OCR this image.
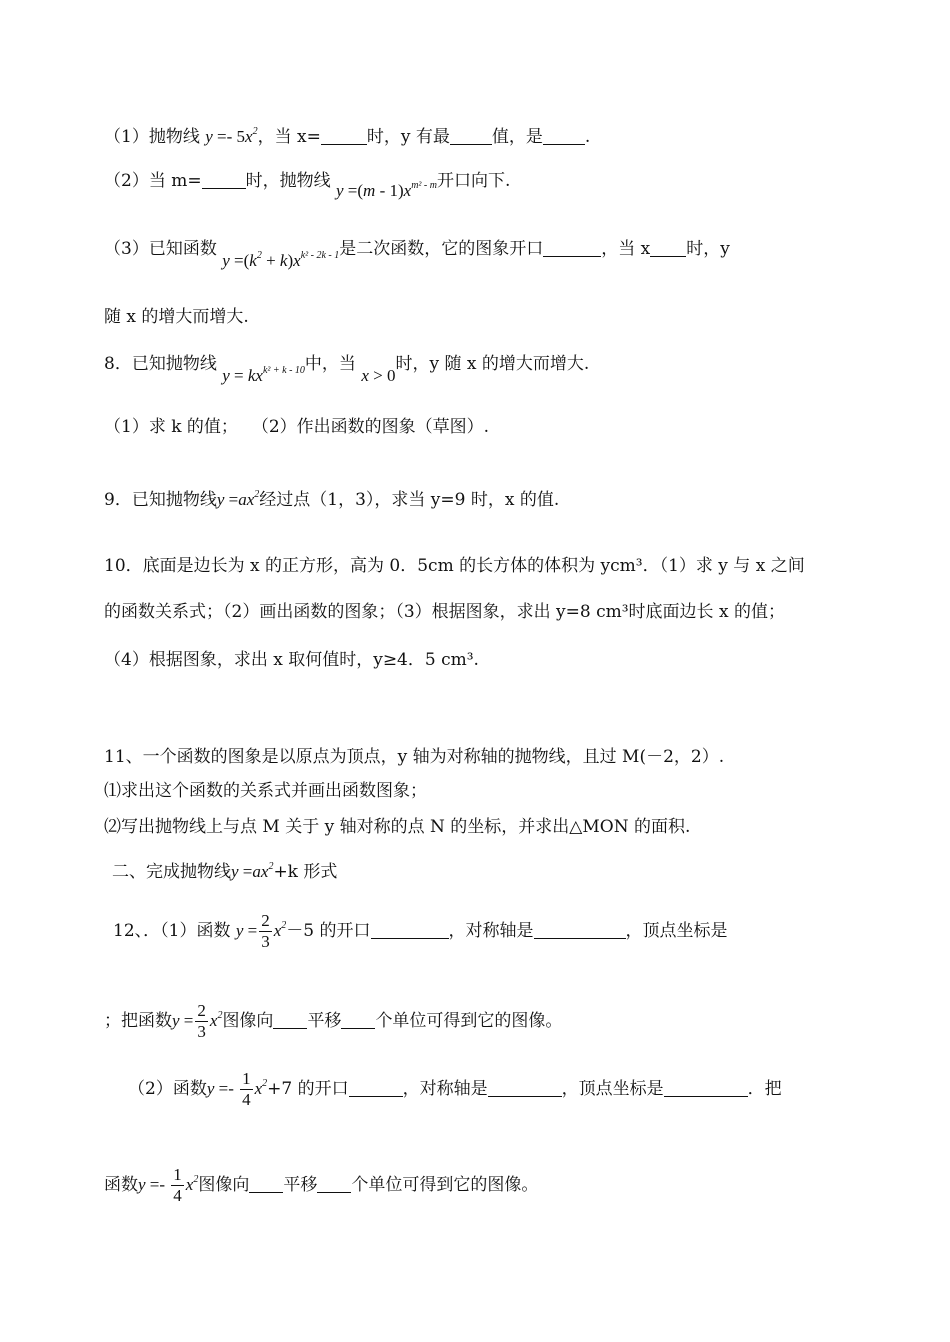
（1）抛物线 $y =- 5x^2$，当 x=	时，y 有最 值，是 .
（2）当 m=	时，抛物线 $y =(m - 1)x^{m^2 - m}$开口向下.
（3）已知函数 $y =(k^2 + k)x^{k^2 - 2k - 1}$是二次函数，它的图象开口	，当 x 时，y
随 x 的增大而增大.
8．已知抛物线 $y = kx^{k^2 + k - 10}$中，当 x > 0时，y 随 x 的增大而增大.
（1）求 k 的值；　 （2）作出函数的图象（草图）.
9．已知抛物线$y =ax^2$经过点（1，3），求当 y=9 时，x 的值.
10．底面是边长为 x 的正方形，高为 0．5cm 的长方体的体积为 ycm³．（1）求 y 与 x 之间
的函数关系式；（2）画出函数的图象；（3）根据图象，求出 y=8 cm³时底面边长 x 的值；
（4）根据图象，求出 x 取何值时，y≥4．5 cm³.
11、一个函数的图象是以原点为顶点，y 轴为对称轴的抛物线，且过 M(－2，2）.
⑴求出这个函数的关系式并画出函数图象；
⑵写出抛物线上与点 M 关于 y 轴对称的点 N 的坐标，并求出△MON 的面积.
二、完成抛物线$y =ax^2+k$ 形式
12、．（1）函数 $y = \frac{2}{3} x^2-5$ 的开口	，对称轴是	，顶点坐标是
；把函数$y = \frac{2}{3} x^2$图像向 平移 个单位可得到它的图像。
（2）函数$y =- \frac{1}{4} x^2+7$ 的开口	，对称轴是	，顶点坐标是	．把
函数$y =- \frac{1}{4} x^2$图像向 平移 个单位可得到它的图像。
